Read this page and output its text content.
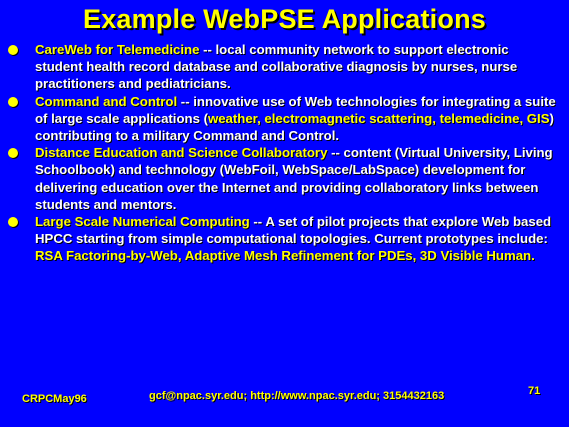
Example WebPSE Applications
CareWeb for Telemedicine -- local community network to support electronic student health record database and collaborative diagnosis by nurses, nurse practitioners and pediatricians.
Command and Control -- innovative use of Web technologies for integrating a suite of large scale applications (weather, electromagnetic scattering, telemedicine, GIS) contributing to a military Command and Control.
Distance Education and Science Collaboratory -- content (Virtual University, Living Schoolbook) and technology (WebFoil, WebSpace/LabSpace) development for delivering education over the Internet and providing collaboratory links between students and mentors.
Large Scale Numerical Computing -- A set of pilot projects that explore Web based HPCC starting from simple computational topologies. Current prototypes include: RSA Factoring-by-Web, Adaptive Mesh Refinement for PDEs, 3D Visible Human.
CRPCMay96	gcf@npac.syr.edu; http://www.npac.syr.edu; 3154432163	71
